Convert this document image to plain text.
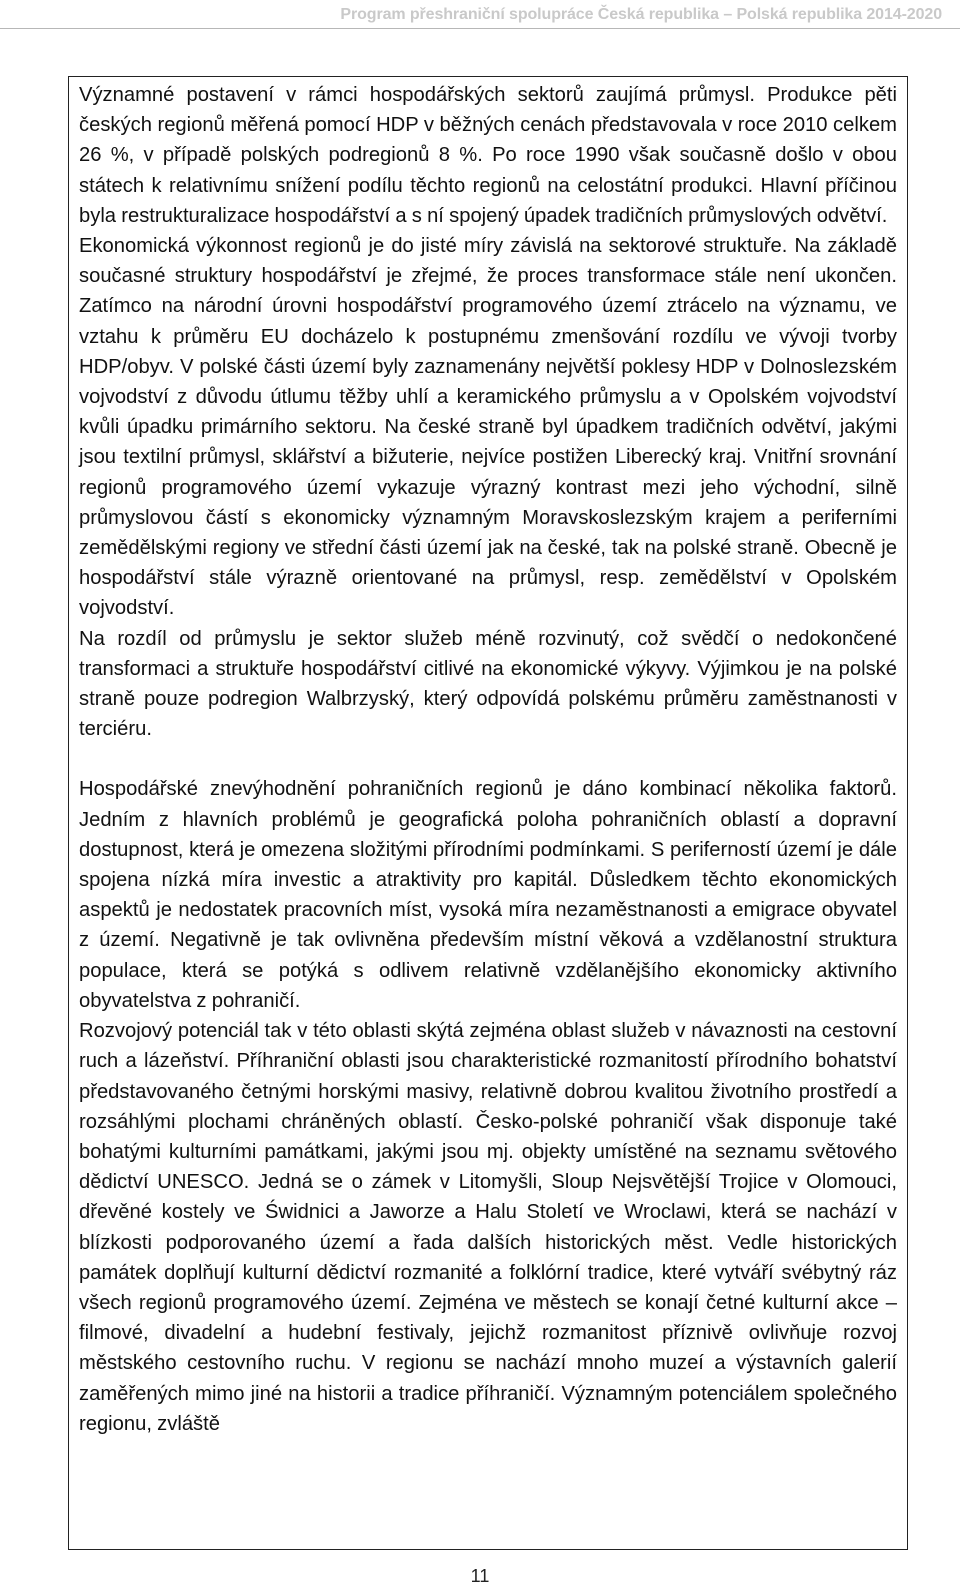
Program přeshraniční spolupráce Česká republika – Polská republika 2014-2020

Významné postavení v rámci hospodářských sektorů zaujímá průmysl. Produkce pěti českých regionů měřená pomocí HDP v běžných cenách představovala v roce 2010 celkem 26 %, v případě polských podregionů 8 %. Po roce 1990 však současně došlo v obou státech k relativnímu snížení podílu těchto regionů na celostátní produkci. Hlavní příčinou byla restrukturalizace hospodářství a s ní spojený úpadek tradičních průmyslových odvětví.

Ekonomická výkonnost regionů je do jisté míry závislá na sektorové struktuře. Na základě současné struktury hospodářství je zřejmé, že proces transformace stále není ukončen. Zatímco na národní úrovni hospodářství programového území ztrácelo na významu, ve vztahu k průměru EU docházelo k postupnému zmenšování rozdílu ve vývoji tvorby HDP/obyv. V polské části území byly zaznamenány největší poklesy HDP v Dolnoslezském vojvodství z důvodu útlumu těžby uhlí a keramického průmyslu a v Opolském vojvodství kvůli úpadku primárního sektoru. Na české straně byl úpadkem tradičních odvětví, jakými jsou textilní průmysl, sklářství a bižuterie, nejvíce postižen Liberecký kraj. Vnitřní srovnání regionů programového území vykazuje výrazný kontrast mezi jeho východní, silně průmyslovou částí s ekonomicky významným Moravskoslezským krajem a periferními zemědělskými regiony ve střední části území jak na české, tak na polské straně. Obecně je hospodářství stále výrazně orientované na průmysl, resp. zemědělství v Opolském vojvodství.

Na rozdíl od průmyslu je sektor služeb méně rozvinutý, což svědčí o nedokončené transformaci a struktuře hospodářství citlivé na ekonomické výkyvy. Výjimkou je na polské straně pouze podregion Walbrzyský, který odpovídá polskému průměru zaměstnanosti v terciéru.

Hospodářské znevýhodnění pohraničních regionů je dáno kombinací několika faktorů. Jedním z hlavních problémů je geografická poloha pohraničních oblastí a dopravní dostupnost, která je omezena složitými přírodními podmínkami. S periferností území je dále spojena nízká míra investic a atraktivity pro kapitál. Důsledkem těchto ekonomických aspektů je nedostatek pracovních míst, vysoká míra nezaměstnanosti a emigrace obyvatel z území. Negativně je tak ovlivněna především místní věková a vzdělanostní struktura populace, která se potýká s odlivem relativně vzdělanějšího ekonomicky aktivního obyvatelstva z pohraničí.

Rozvojový potenciál tak v této oblasti skýtá zejména oblast služeb v návaznosti na cestovní ruch a lázeňství. Příhraniční oblasti jsou charakteristické rozmanitostí přírodního bohatství představovaného četnými horskými masivy, relativně dobrou kvalitou životního prostředí a rozsáhlými plochami chráněných oblastí. Česko-polské pohraničí však disponuje také bohatými kulturními památkami, jakými jsou mj. objekty umístěné na seznamu světového dědictví UNESCO. Jedná se o zámek v Litomyšli, Sloup Nejsvětější Trojice v Olomouci, dřevěné kostely ve Świdnici a Jaworze a Halu Století ve Wroclawi, která se nachází v blízkosti podporovaného území a řada dalších historických měst. Vedle historických památek doplňují kulturní dědictví rozmanité a folklórní tradice, které vytváří svébytný ráz všech regionů programového území. Zejména ve městech se konají četné kulturní akce – filmové, divadelní a hudební festivaly, jejichž rozmanitost příznivě ovlivňuje rozvoj městského cestovního ruchu. V regionu se nachází mnoho muzeí a výstavních galerií zaměřených mimo jiné na historii a tradice příhraničí. Významným potenciálem společného regionu, zvláště

11
